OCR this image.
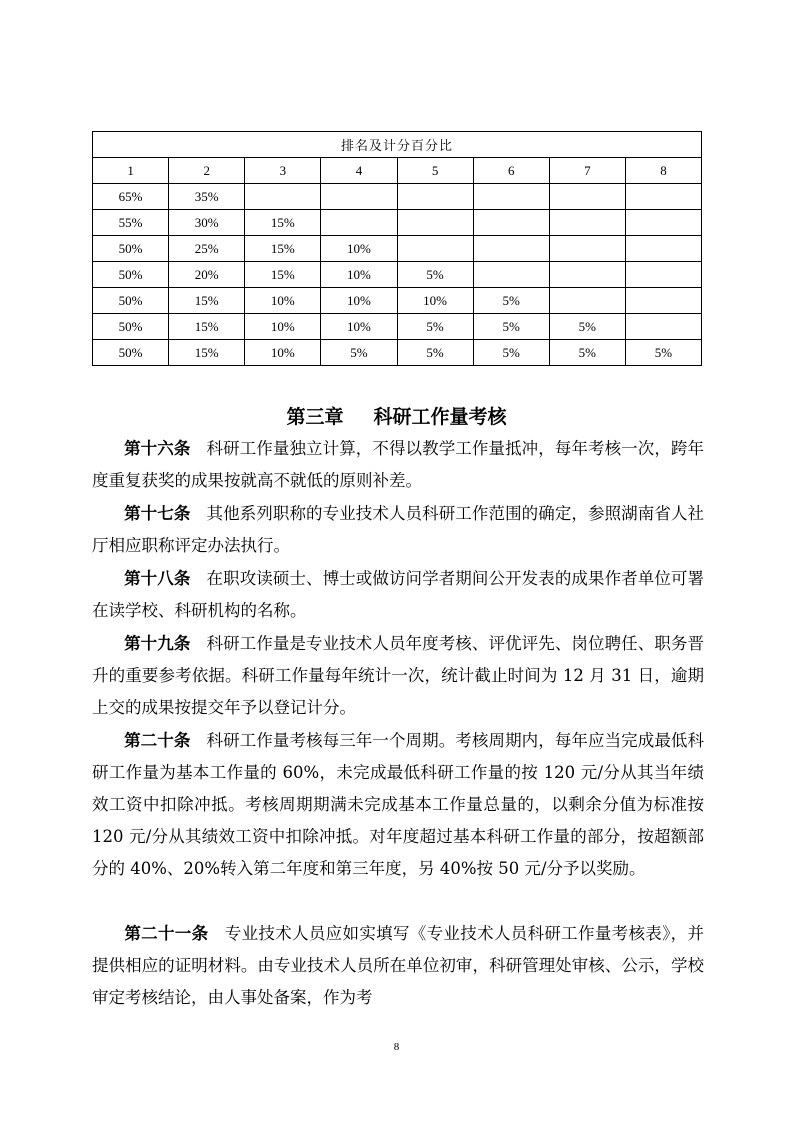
排名及计分百分比							
1	2	3	4	5	6	7	8
65%	35%						
55%	30%	15%					
50%	25%	15%	10%				
50%	20%	15%	10%	5%			
50%	15%	10%	10%	10%	5%		
50%	15%	10%	10%	5%	5%	5%	
50%	15%	10%	5%	5%	5%	5%	5%
第三章 科研工作量考核

第十六条 科研工作量独立计算，不得以教学工作量抵冲，每年考核一次，跨年度重复获奖的成果按就高不就低的原则补差。

第十七条 其他系列职称的专业技术人员科研工作范围的确定，参照湖南省人社厅相应职称评定办法执行。

第十八条 在职攻读硕士、博士或做访问学者期间公开发表的成果作者单位可署在读学校、科研机构的名称。

第十九条 科研工作量是专业技术人员年度考核、评优评先、岗位聘任、职务晋升的重要参考依据。科研工作量每年统计一次，统计截止时间为 12 月 31 日，逾期上交的成果按提交年予以登记计分。

第二十条 科研工作量考核每三年一个周期。考核周期内，每年应当完成最低科研工作量为基本工作量的 60%，未完成最低科研工作量的按 120 元/分从其当年绩效工资中扣除冲抵。考核周期期满未完成基本工作量总量的，以剩余分值为标准按 120 元/分从其绩效工资中扣除冲抵。对年度超过基本科研工作量的部分，按超额部分的 40%、20%转入第二年度和第三年度，另 40%按 50 元/分予以奖励。

第二十一条 专业技术人员应如实填写《专业技术人员科研工作量考核表》，并提供相应的证明材料。由专业技术人员所在单位初审，科研管理处审核、公示，学校审定考核结论，由人事处备案，作为考

8
